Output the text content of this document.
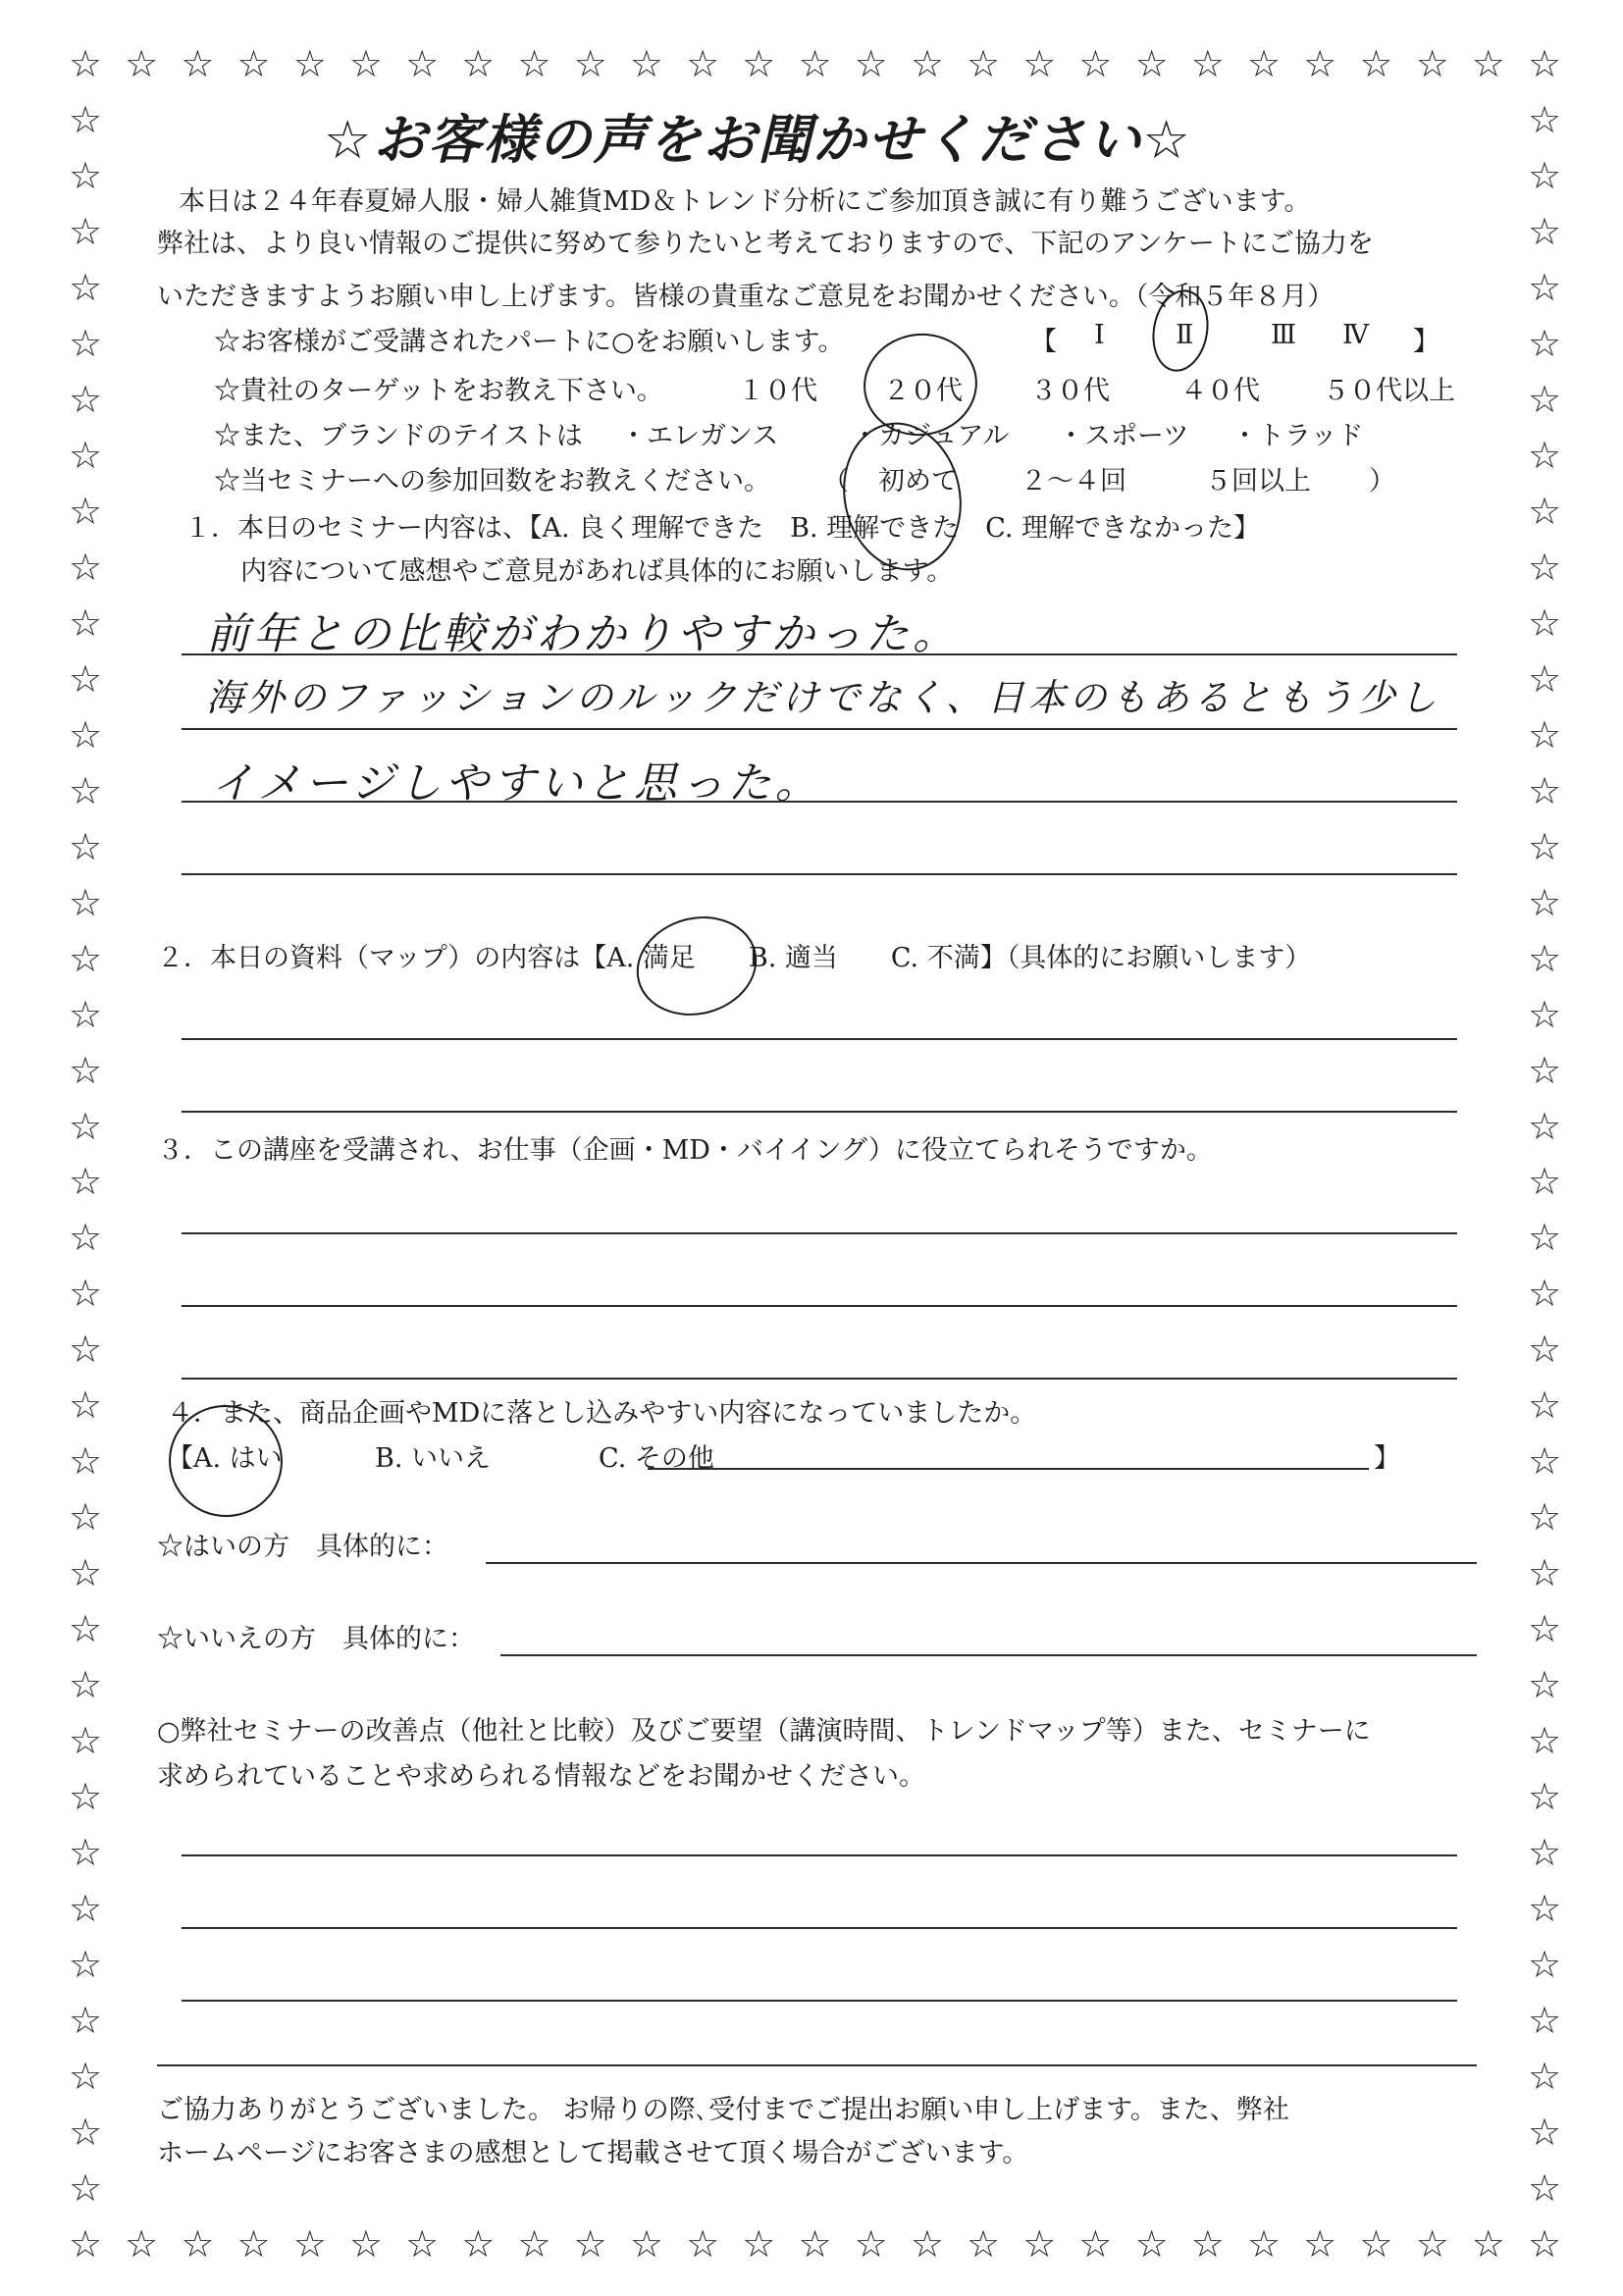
☆
☆
☆
☆
☆
☆
☆
☆
☆
☆
☆
☆
☆
☆
☆
☆
☆
☆
☆
☆
☆
☆
☆
☆
☆
☆
☆
☆
☆
☆
☆
☆
☆
☆
☆
☆
☆
☆
☆
☆
☆
☆
☆
☆
☆
☆
☆
☆
☆
☆
☆
☆
☆
☆
☆	☆
☆	☆
☆	☆
☆	☆
☆	☆
☆	☆
☆	☆
☆	☆
☆	☆
☆	☆
☆	☆
☆	☆
☆	☆
☆	☆
☆	☆
☆	☆
☆	☆
☆	☆
☆	☆
☆	☆
☆	☆
☆	☆
☆	☆
☆	☆
☆	☆
☆	☆
☆	☆
☆	☆
☆	☆
☆	☆
☆	☆
☆	☆
☆	☆
☆	☆
☆	☆
☆	☆
☆	☆
☆	☆
☆お客様の声をお聞かせください☆
本日は２４年春夏婦人服・婦人雑貨MD＆トレンド分析にご参加頂き誠に有り難うございます。
弊社は、より良い情報のご提供に努めて参りたいと考えておりますので、下記のアンケートにご協力を
いただきますようお願い申し上げます。皆様の貴重なご意見をお聞かせください。（令和５年８月）
☆お客様がご受講されたパートに○をお願いします。	【 Ⅰ	Ⅱ	Ⅲ Ⅳ 】
☆貴社のターゲットをお教え下さい。	１０代 ２０代	３０代	４０代 ５０代以上
☆また、ブランドのテイストは ・エレガンス	・カジュアル ・スポーツ ・トラッド
☆当セミナーへの参加回数をお教えください。 （ 初めて ２～４回	５回以上 ）
１．本日のセミナー内容は、【A. 良く理解できた　B. 理解できた　C. 理解できなかった】
内容について感想やご意見があれば具体的にお願いします。
前年との比較がわかりやすかった。
海外のファッションのルックだけでなく、日本のもあるともう少し
イメージしやすいと思った。
２．本日の資料（マップ）の内容は【A. 満足　　B. 適当　　C. 不満】（具体的にお願いします）
３．この講座を受講され、お仕事（企画・MD・バイイング）に役立てられそうですか。
４．また、商品企画やMDに落とし込みやすい内容になっていましたか。
【A. はい	B. いいえ	C. その他	】
☆はいの方　具体的に：
☆いいえの方　具体的に：
○弊社セミナーの改善点（他社と比較）及びご要望（講演時間、トレンドマップ等）また、セミナーに
求められていることや求められる情報などをお聞かせください。
ご協力ありがとうございました。 お帰りの際､受付までご提出お願い申し上げます。また、弊社
ホームページにお客さまの感想として掲載させて頂く場合がございます。
